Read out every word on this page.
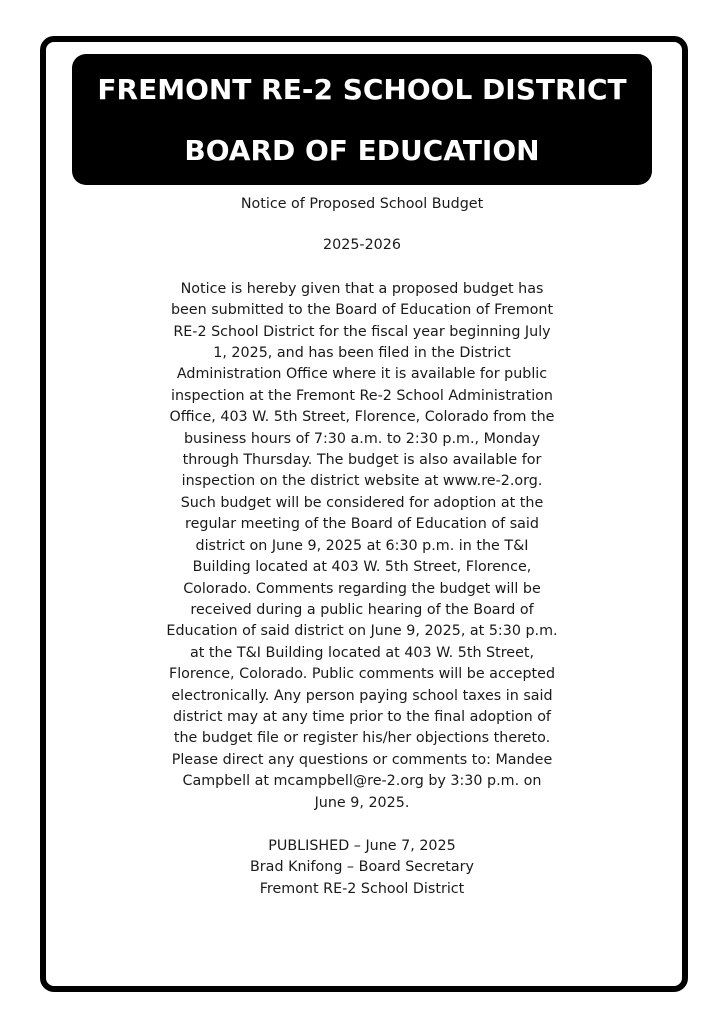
FREMONT RE-2 SCHOOL DISTRICT
BOARD OF EDUCATION

Notice of Proposed School Budget

2025-2026

Notice is hereby given that a proposed budget has been submitted to the Board of Education of Fremont RE-2 School District for the fiscal year beginning July 1, 2025, and has been filed in the District Administration Office where it is available for public inspection at the Fremont Re-2 School Administration Office, 403 W. 5th Street, Florence, Colorado from the business hours of 7:30 a.m. to 2:30 p.m., Monday through Thursday. The budget is also available for inspection on the district website at www.re-2.org. Such budget will be considered for adoption at the regular meeting of the Board of Education of said district on June 9, 2025 at 6:30 p.m. in the T&I Building located at 403 W. 5th Street, Florence, Colorado. Comments regarding the budget will be received during a public hearing of the Board of Education of said district on June 9, 2025, at 5:30 p.m. at the T&I Building located at 403 W. 5th Street, Florence, Colorado. Public comments will be accepted electronically. Any person paying school taxes in said district may at any time prior to the final adoption of the budget file or register his/her objections thereto. Please direct any questions or comments to: Mandee Campbell at mcampbell@re-2.org by 3:30 p.m. on June 9, 2025.

PUBLISHED – June 7, 2025
Brad Knifong – Board Secretary
Fremont RE-2 School District
